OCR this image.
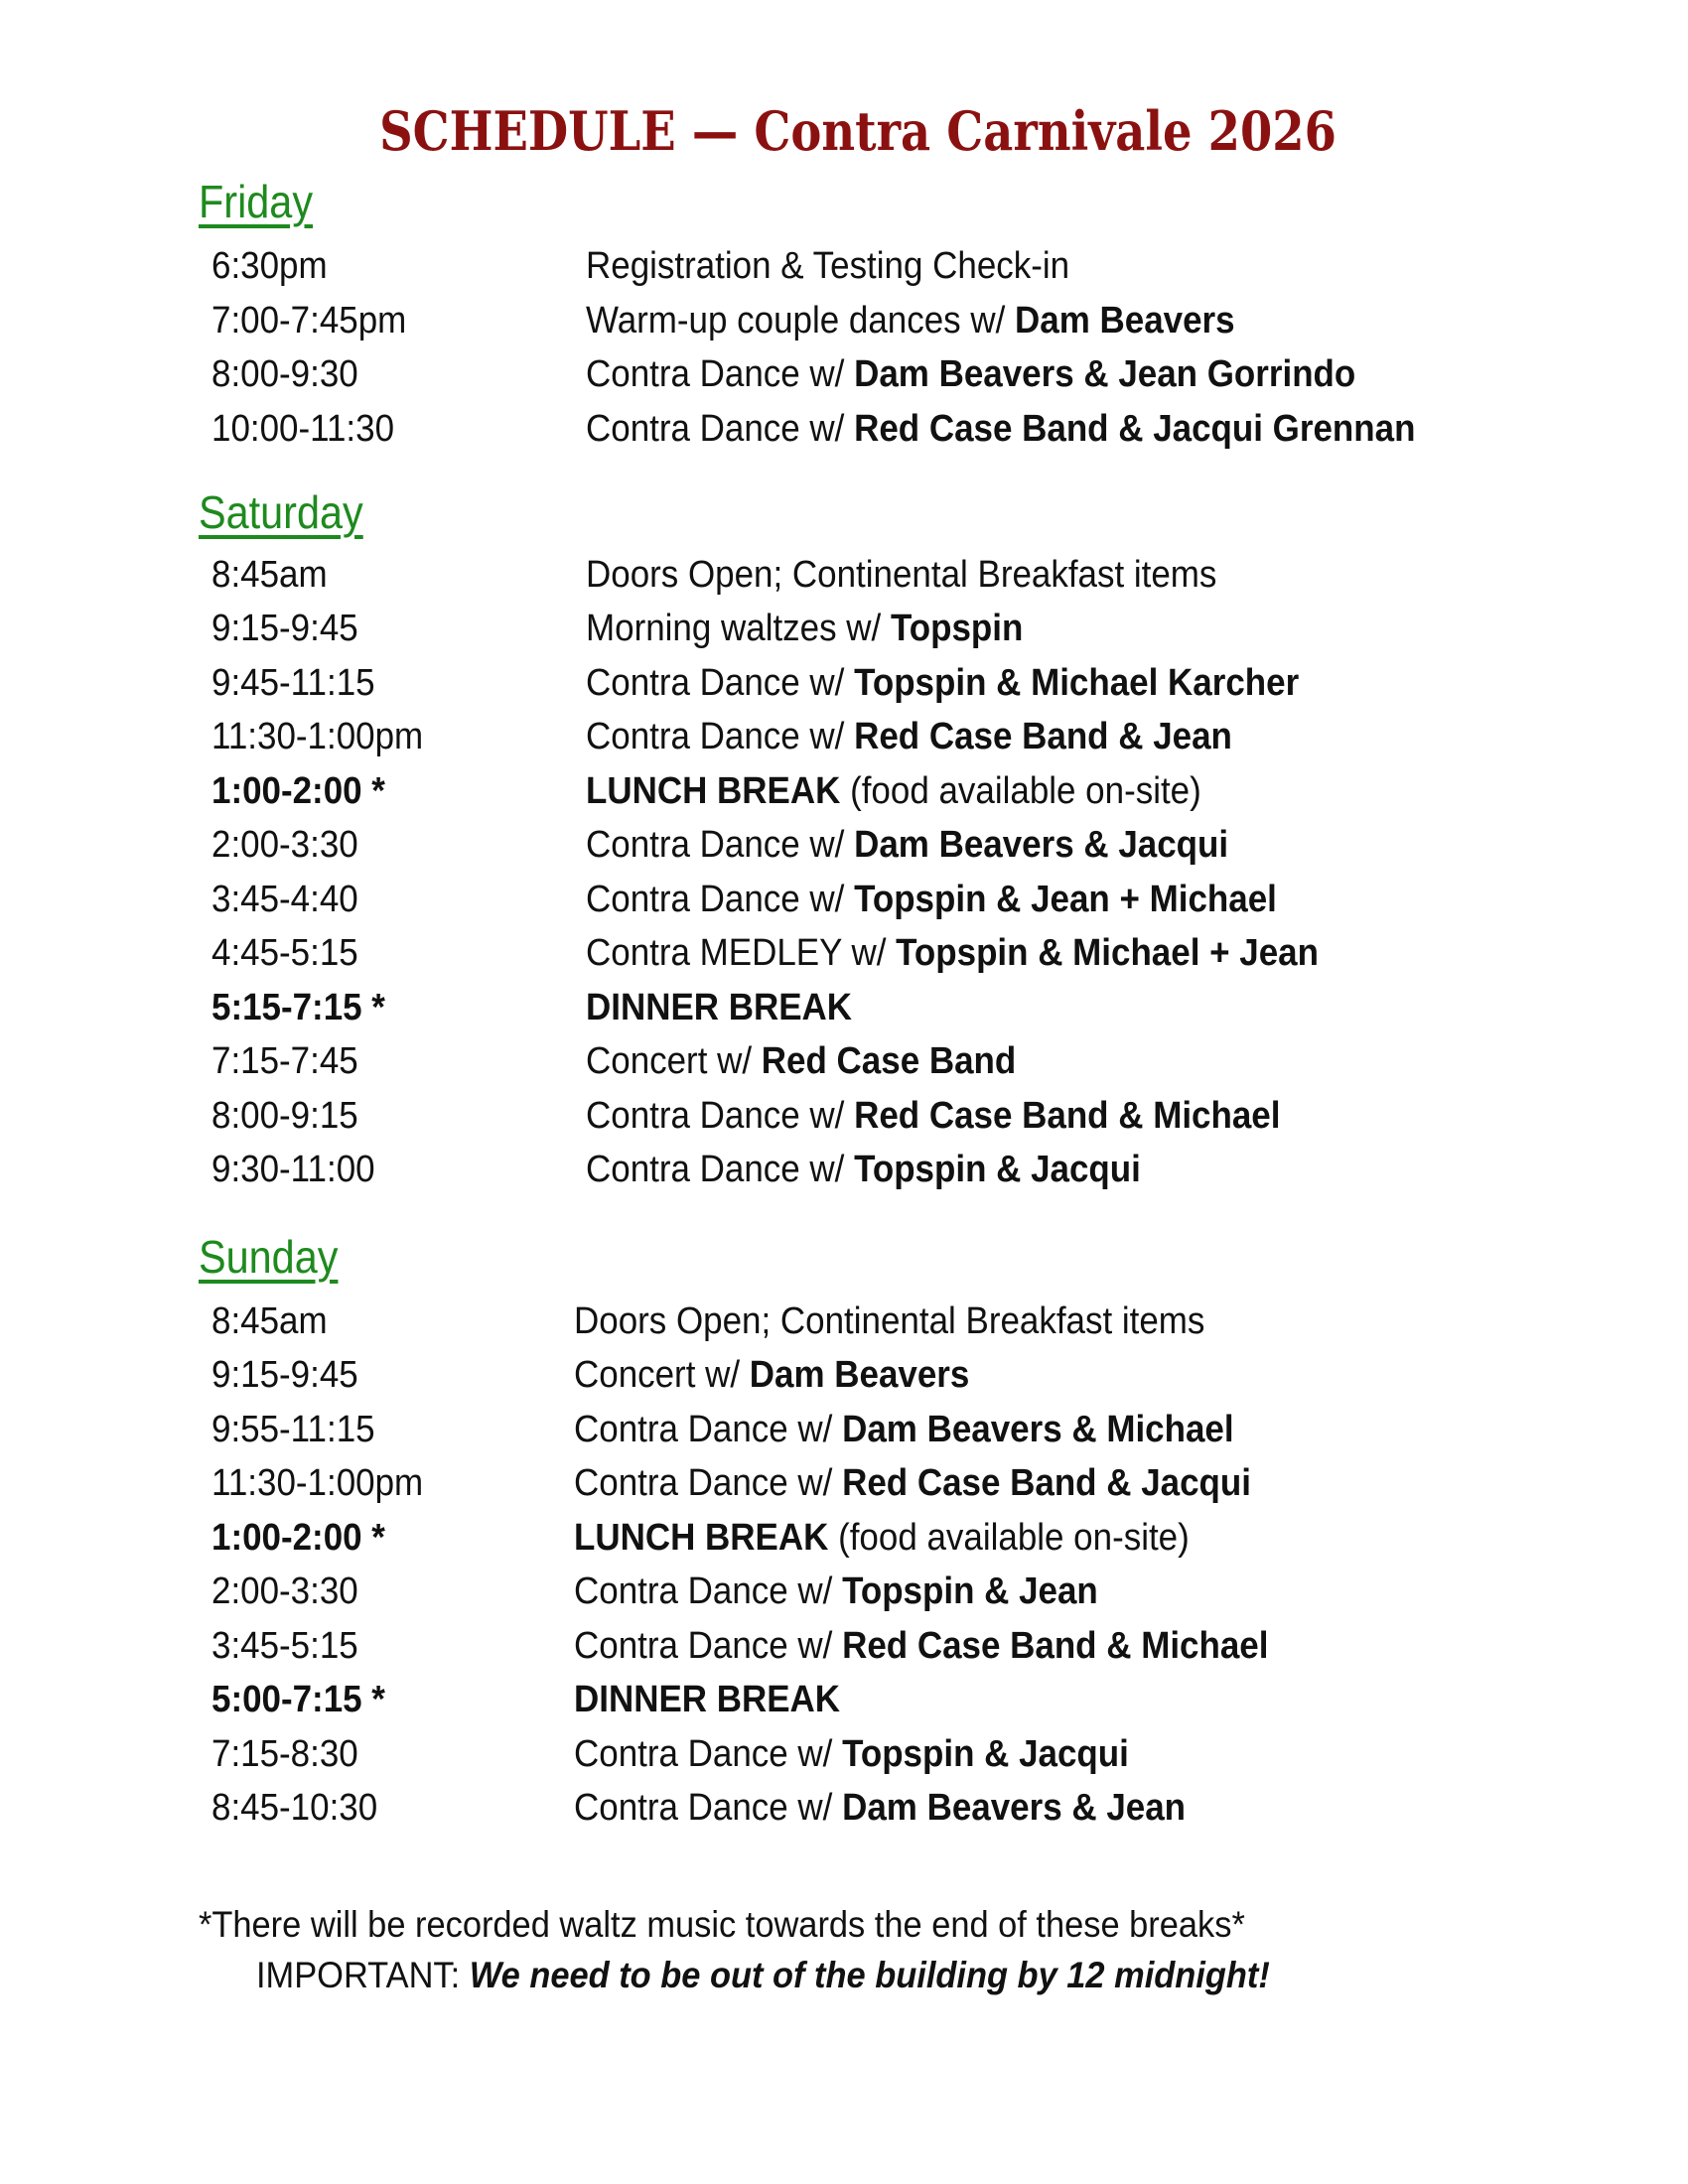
SCHEDULE — Contra Carnivale 2026
Friday
6:30pm	Registration & Testing Check-in
7:00-7:45pm	Warm-up couple dances w/ Dam Beavers
8:00-9:30	Contra Dance w/ Dam Beavers & Jean Gorrindo
10:00-11:30	Contra Dance w/ Red Case Band & Jacqui Grennan
Saturday
8:45am	Doors Open; Continental Breakfast items
9:15-9:45	Morning waltzes w/ Topspin
9:45-11:15	Contra Dance w/ Topspin & Michael Karcher
11:30-1:00pm	Contra Dance w/ Red Case Band & Jean
1:00-2:00 *	LUNCH BREAK (food available on-site)
2:00-3:30	Contra Dance w/ Dam Beavers & Jacqui
3:45-4:40	Contra Dance w/ Topspin & Jean + Michael
4:45-5:15	Contra MEDLEY w/ Topspin & Michael + Jean
5:15-7:15 *	DINNER BREAK
7:15-7:45	Concert w/ Red Case Band
8:00-9:15	Contra Dance w/ Red Case Band & Michael
9:30-11:00	Contra Dance w/ Topspin & Jacqui
Sunday
8:45am	Doors Open; Continental Breakfast items
9:15-9:45	Concert w/ Dam Beavers
9:55-11:15	Contra Dance w/ Dam Beavers & Michael
11:30-1:00pm	Contra Dance w/ Red Case Band & Jacqui
1:00-2:00 *	LUNCH BREAK (food available on-site)
2:00-3:30	Contra Dance w/ Topspin & Jean
3:45-5:15	Contra Dance w/ Red Case Band & Michael
5:00-7:15 *	DINNER BREAK
7:15-8:30	Contra Dance w/ Topspin & Jacqui
8:45-10:30	Contra Dance w/ Dam Beavers & Jean
*There will be recorded waltz music towards the end of these breaks*
IMPORTANT: We need to be out of the building by 12 midnight!
